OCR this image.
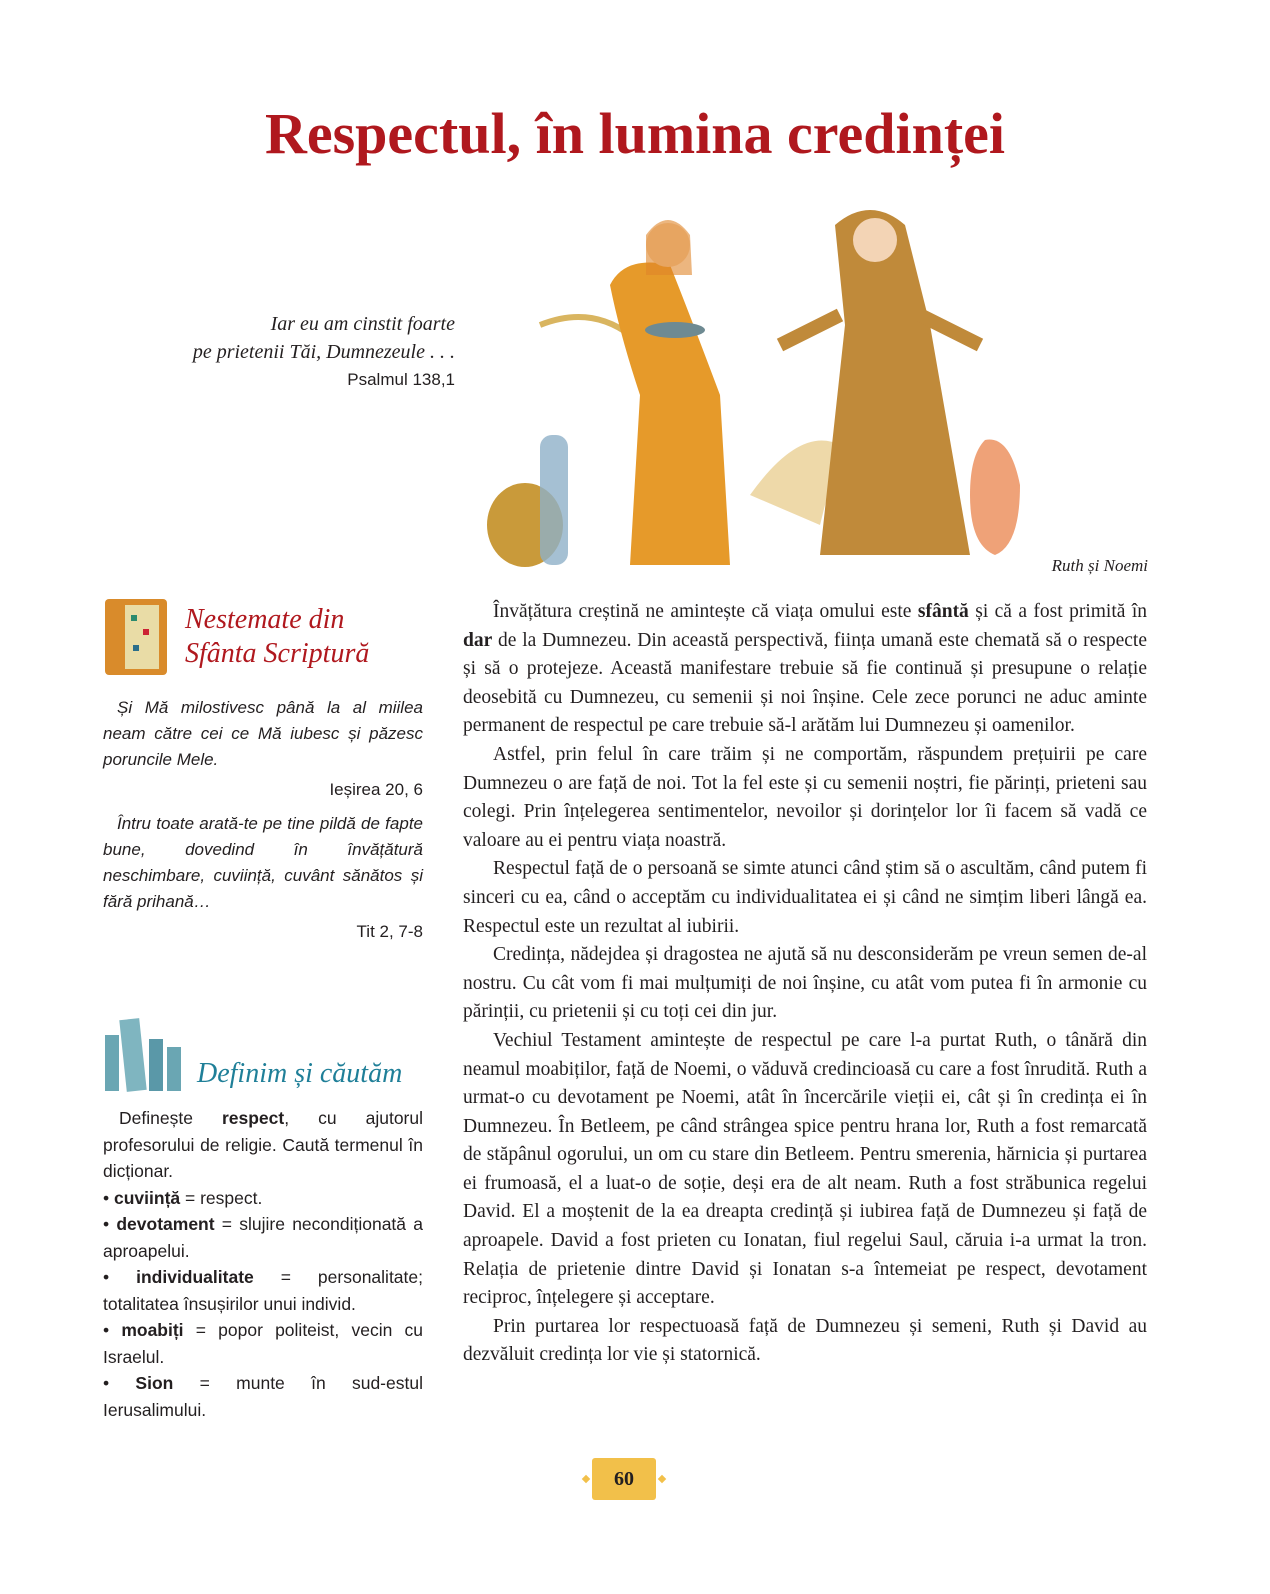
Respectul, în lumina credinței
Iar eu am cinstit foarte
pe prietenii Tăi, Dumnezeule . . .
Psalmul 138,1
Ruth și Noemi
Nestemate din
Sfânta Scriptură

Și Mă milostivesc până la al miilea neam către cei ce Mă iubesc și păzesc poruncile Mele.

Ieșirea 20, 6

Întru toate arată-te pe tine pildă de fapte bune, dovedind în învățătură neschimbare, cuviință, cuvânt sănătos și fără prihană…

Tit 2, 7-8
Definim și căutăm

Definește respect, cu ajutorul profesorului de religie. Caută termenul în dicționar.

• cuviință = respect.

• devotament = slujire necondiționată a aproapelui.

• individualitate = personalitate; totalitatea însușirilor unui individ.

• moabiți = popor politeist, vecin cu Israelul.

• Sion = munte în sud-estul Ierusalimului.

Învățătura creștină ne amintește că viața omului este sfântă și că a fost primită în dar de la Dumnezeu. Din această perspectivă, ființa umană este chemată să o respecte și să o protejeze. Această manifestare trebuie să fie continuă și presupune o relație deosebită cu Dumnezeu, cu semenii și noi înșine. Cele zece porunci ne aduc aminte permanent de respectul pe care trebuie să-l arătăm lui Dumnezeu și oamenilor.

Astfel, prin felul în care trăim și ne comportăm, răspundem prețuirii pe care Dumnezeu o are față de noi. Tot la fel este și cu semenii noștri, fie părinți, prieteni sau colegi. Prin înțelegerea sentimentelor, nevoilor și dorințelor lor îi facem să vadă ce valoare au ei pentru viața noastră.

Respectul față de o persoană se simte atunci când știm să o ascultăm, când putem fi sinceri cu ea, când o acceptăm cu individualitatea ei și când ne simțim liberi lângă ea. Respectul este un rezultat al iubirii.

Credința, nădejdea și dragostea ne ajută să nu desconsiderăm pe vreun semen de-al nostru. Cu cât vom fi mai mulțumiți de noi înșine, cu atât vom putea fi în armonie cu părinții, cu prietenii și cu toți cei din jur.

Vechiul Testament amintește de respectul pe care l-a purtat Ruth, o tânără din neamul moabiților, față de Noemi, o văduvă credincioasă cu care a fost înrudită. Ruth a urmat-o cu devotament pe Noemi, atât în încercările vieții ei, cât și în credința ei în Dumnezeu. În Betleem, pe când strângea spice pentru hrana lor, Ruth a fost remarcată de stăpânul ogorului, un om cu stare din Betleem. Pentru smerenia, hărnicia și purtarea ei frumoasă, el a luat-o de soție, deși era de alt neam. Ruth a fost străbunica regelui David. El a moștenit de la ea dreapta credință și iubirea față de Dumnezeu și față de aproapele. David a fost prieten cu Ionatan, fiul regelui Saul, căruia i-a urmat la tron. Relația de prietenie dintre David și Ionatan s-a întemeiat pe respect, devotament reciproc, înțelegere și acceptare.

Prin purtarea lor respectuoasă față de Dumnezeu și semeni, Ruth și David au dezvăluit credința lor vie și statornică.

60
